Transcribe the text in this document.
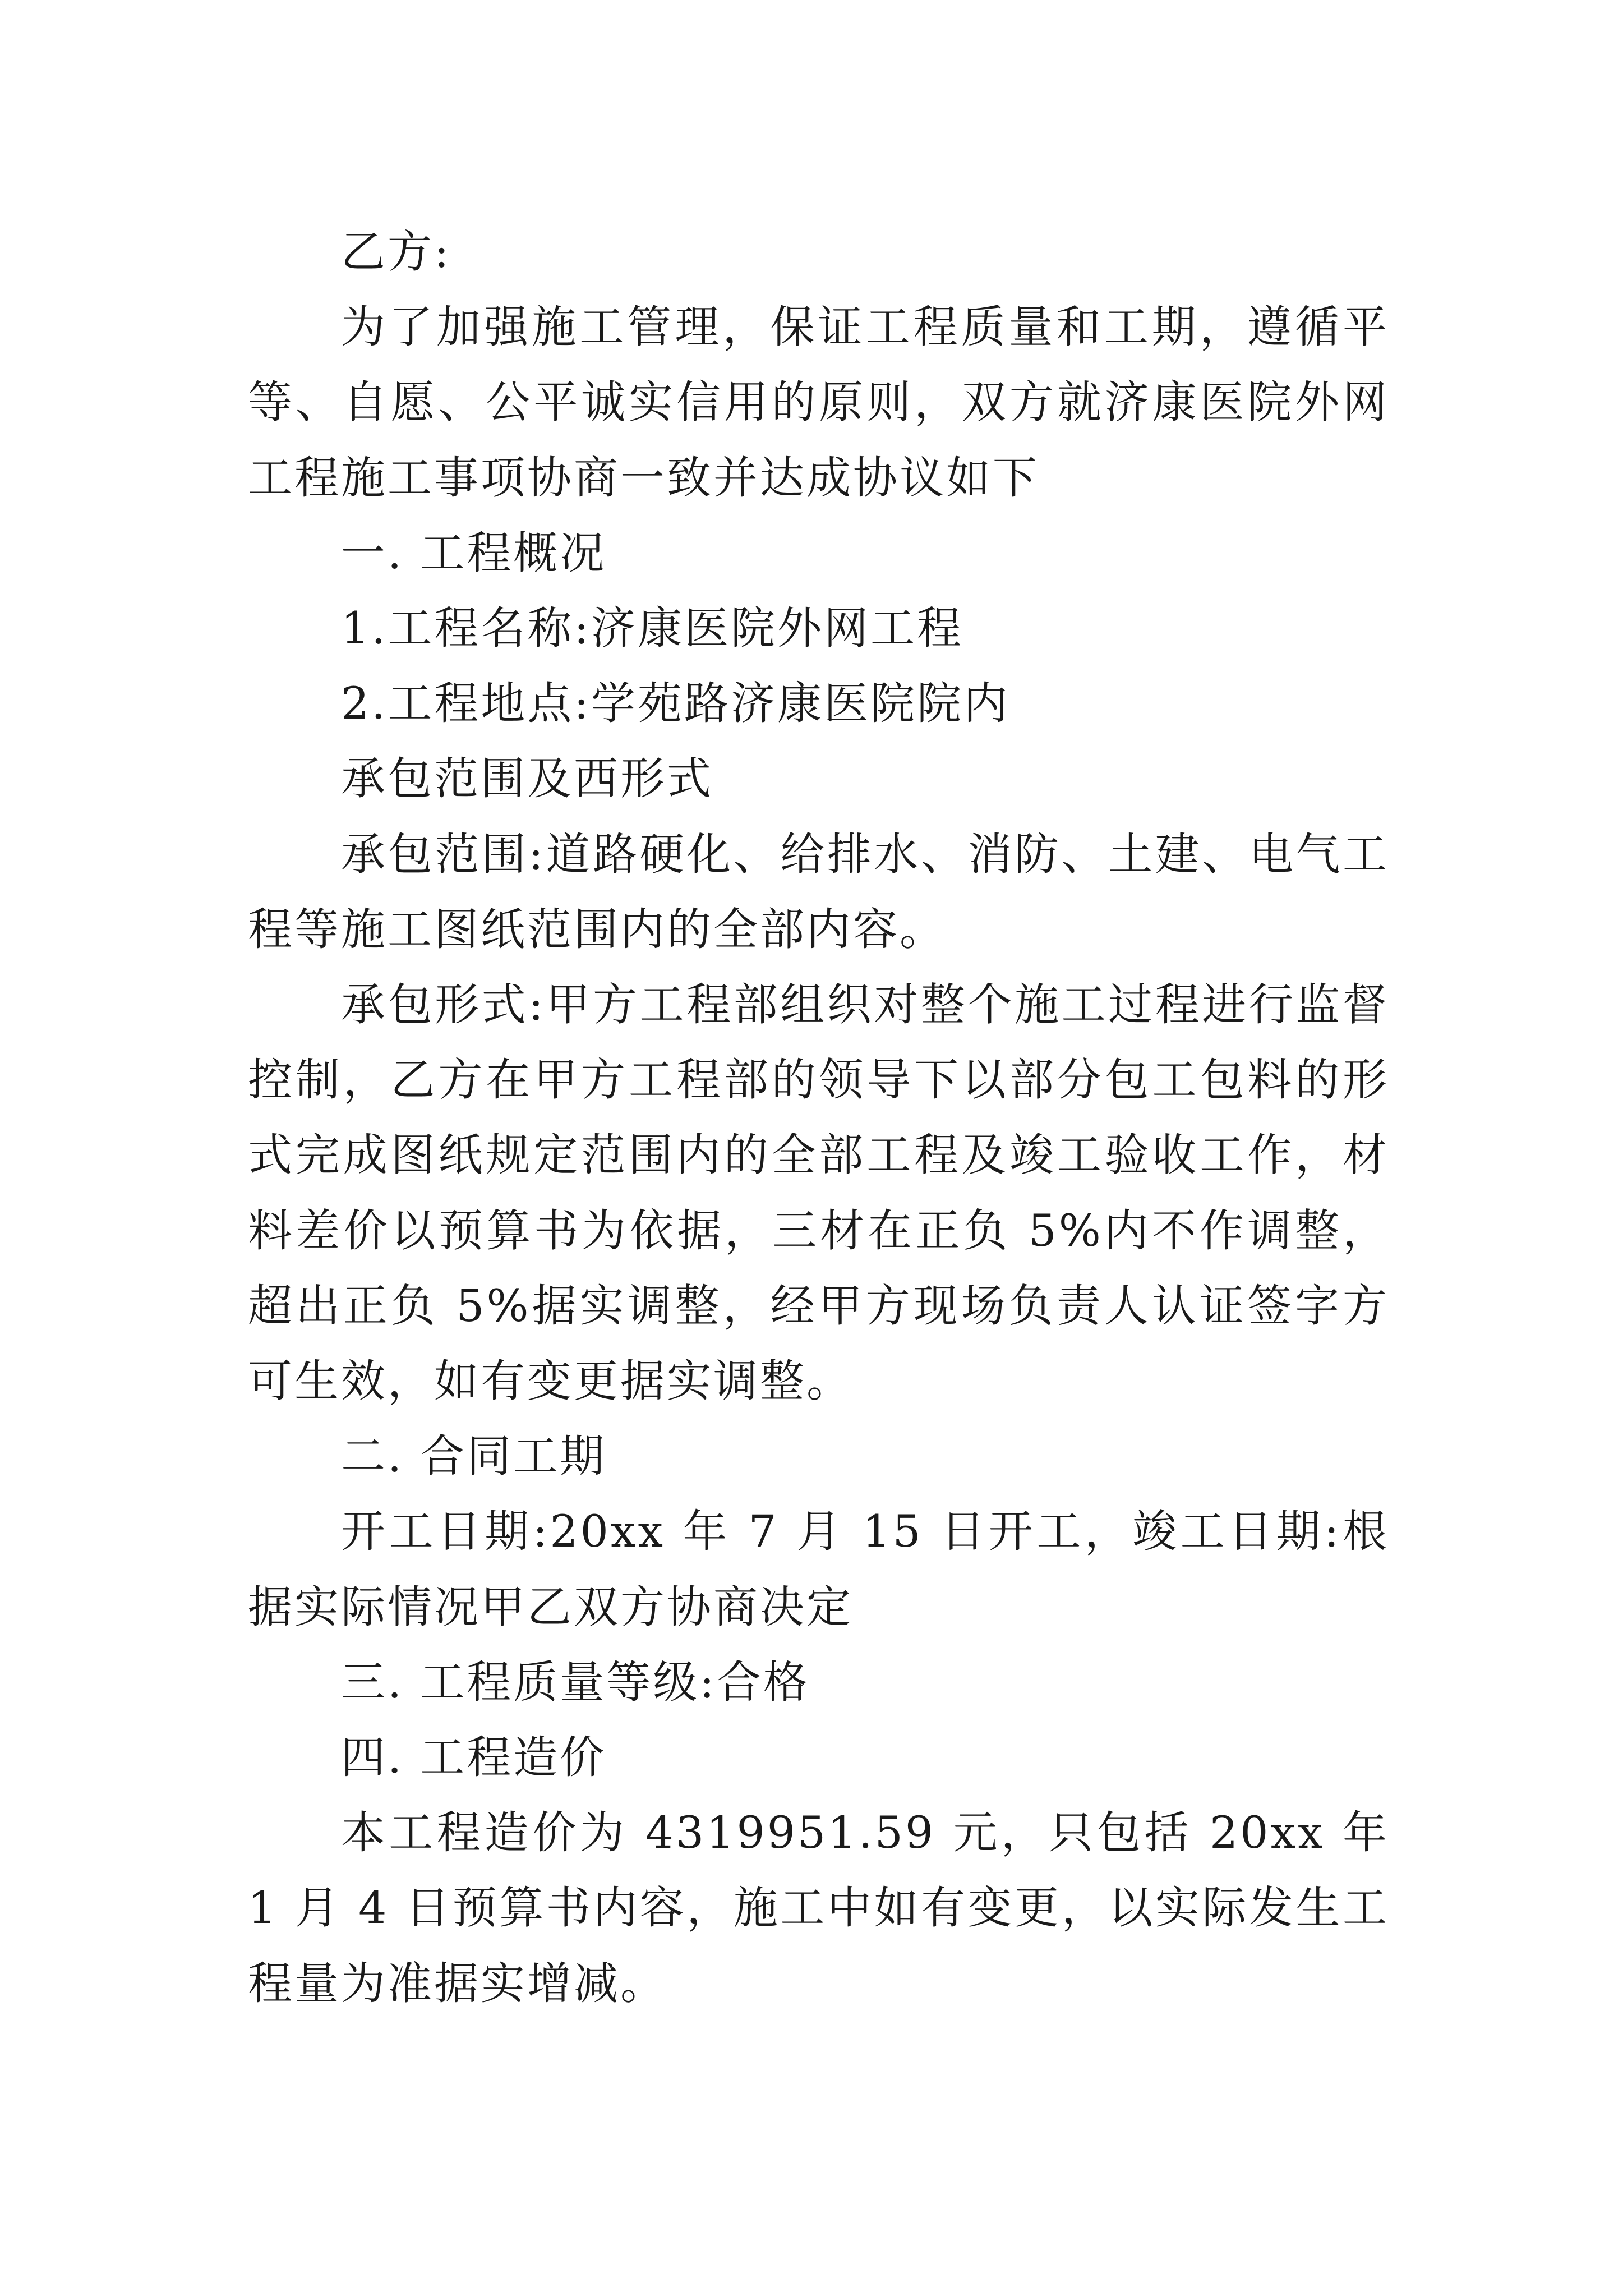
乙方:

为了加强施工管理，保证工程质量和工期，遵循平等、自愿、公平诚实信用的原则，双方就济康医院外网工程施工事项协商一致并达成协议如下

一. 工程概况

1.工程名称:济康医院外网工程

2.工程地点:学苑路济康医院院内

承包范围及西形式

承包范围:道路硬化、给排水、消防、土建、电气工程等施工图纸范围内的全部内容。

承包形式:甲方工程部组织对整个施工过程进行监督控制，乙方在甲方工程部的领导下以部分包工包料的形式完成图纸规定范围内的全部工程及竣工验收工作，材料差价以预算书为依据，三材在正负 5%内不作调整，超出正负 5%据实调整，经甲方现场负责人认证签字方可生效，如有变更据实调整。

二. 合同工期

开工日期:20xx 年 7 月 15 日开工，竣工日期:根据实际情况甲乙双方协商决定

三. 工程质量等级:合格

四. 工程造价

本工程造价为 4319951.59 元，只包括 20xx 年 1 月 4 日预算书内容，施工中如有变更，以实际发生工程量为准据实增减。
